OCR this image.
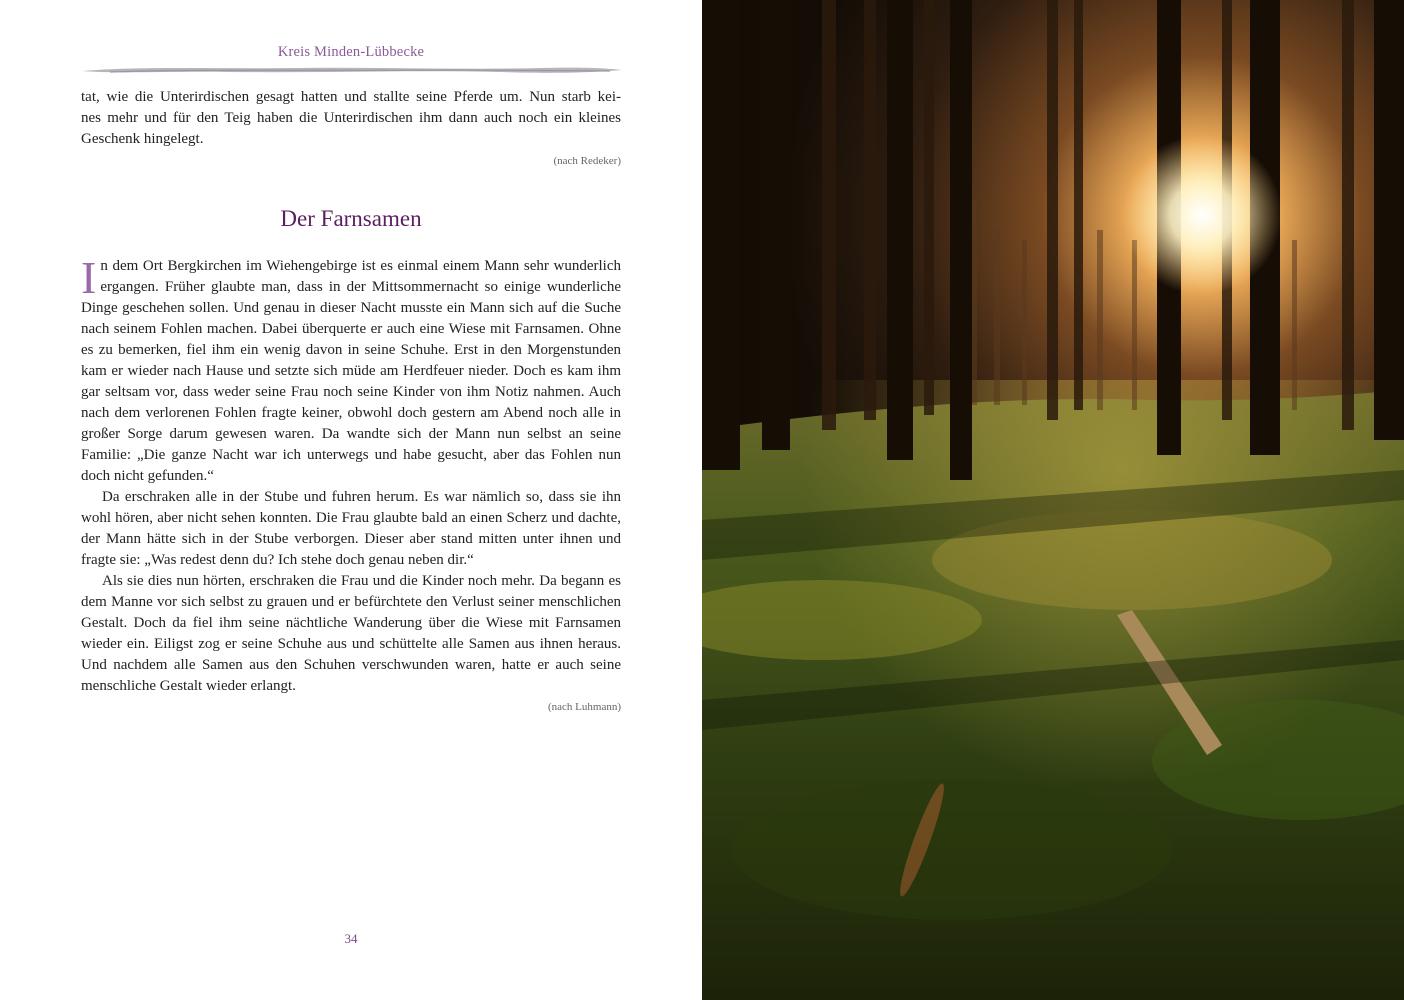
Kreis Minden-Lübbecke
tat, wie die Unterirdischen gesagt hatten und stallte seine Pferde um. Nun starb kei-
nes mehr und für den Teig haben die Unterirdischen ihm dann auch noch ein kleines
Geschenk hingelegt.
(nach Redeker)
Der Farnsamen

In dem Ort Bergkirchen im Wiehengebirge ist es einmal einem Mann sehr wunderlich ergangen. Früher glaubte man, dass in der Mittsommernacht so einige wunderliche Dinge geschehen sollen. Und genau in dieser Nacht musste ein Mann sich auf die Suche nach seinem Fohlen machen. Dabei überquerte er auch eine Wiese mit Farnsamen. Ohne es zu bemerken, fiel ihm ein wenig davon in seine Schuhe. Erst in den Morgenstunden kam er wieder nach Hause und setzte sich müde am Herdfeuer nieder. Doch es kam ihm gar seltsam vor, dass weder seine Frau noch seine Kinder von ihm Notiz nahmen. Auch nach dem verlorenen Fohlen fragte keiner, obwohl doch gestern am Abend noch alle in großer Sorge darum gewesen waren. Da wandte sich der Mann nun selbst an seine Familie: „Die ganze Nacht war ich unterwegs und habe gesucht, aber das Fohlen nun doch nicht gefunden.“

Da erschraken alle in der Stube und fuhren herum. Es war nämlich so, dass sie ihn wohl hören, aber nicht sehen konnten. Die Frau glaubte bald an einen Scherz und dachte, der Mann hätte sich in der Stube verborgen. Dieser aber stand mitten unter ihnen und fragte sie: „Was redest denn du? Ich stehe doch genau neben dir.“

Als sie dies nun hörten, erschraken die Frau und die Kinder noch mehr. Da begann es dem Manne vor sich selbst zu grauen und er befürchtete den Verlust seiner menschlichen Gestalt. Doch da fiel ihm seine nächtliche Wanderung über die Wiese mit Farnsamen wieder ein. Eiligst zog er seine Schuhe aus und schüttelte alle Samen aus ihnen heraus. Und nachdem alle Samen aus den Schuhen verschwunden waren, hatte er auch seine menschliche Gestalt wieder erlangt.

(nach Luhmann)
34
